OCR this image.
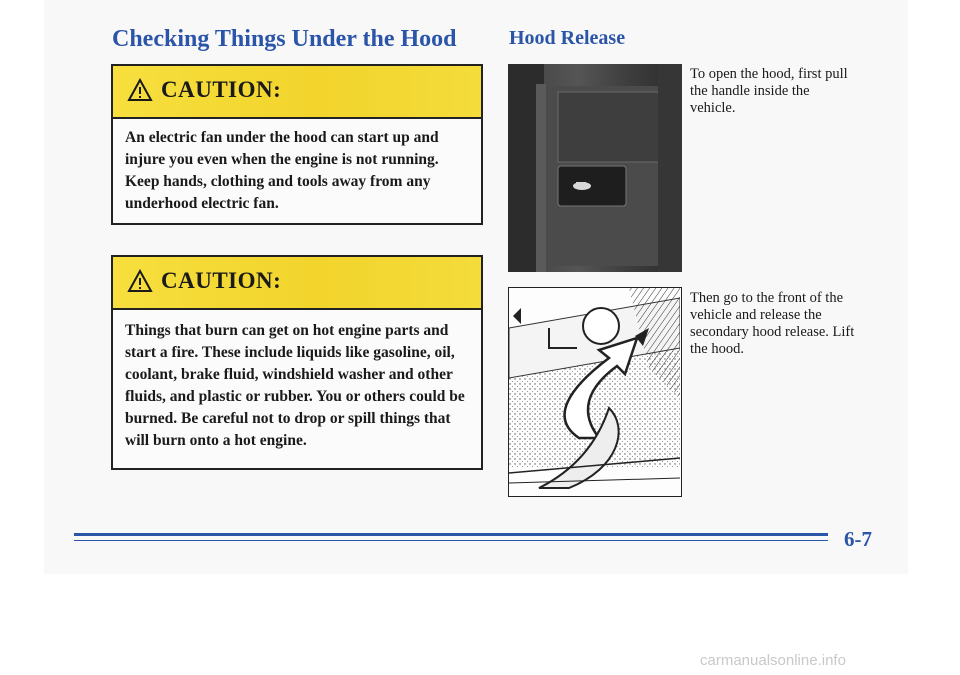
Checking Things Under the Hood	Hood Release
CAUTION:
An electric fan under the hood can start up and injure you even when the engine is not running. Keep hands, clothing and tools away from any underhood electric fan.
CAUTION:
Things that burn can get on hot engine parts and start a fire. These include liquids like gasoline, oil, coolant, brake fluid, windshield washer and other fluids, and plastic or rubber. You or others could be burned. Be careful not to drop or spill things that will burn onto a hot engine.
To open the hood, first pull the handle inside the vehicle.
Then go to the front of the vehicle and release the secondary hood release. Lift the hood.
6-7
carmanualsonline.info
